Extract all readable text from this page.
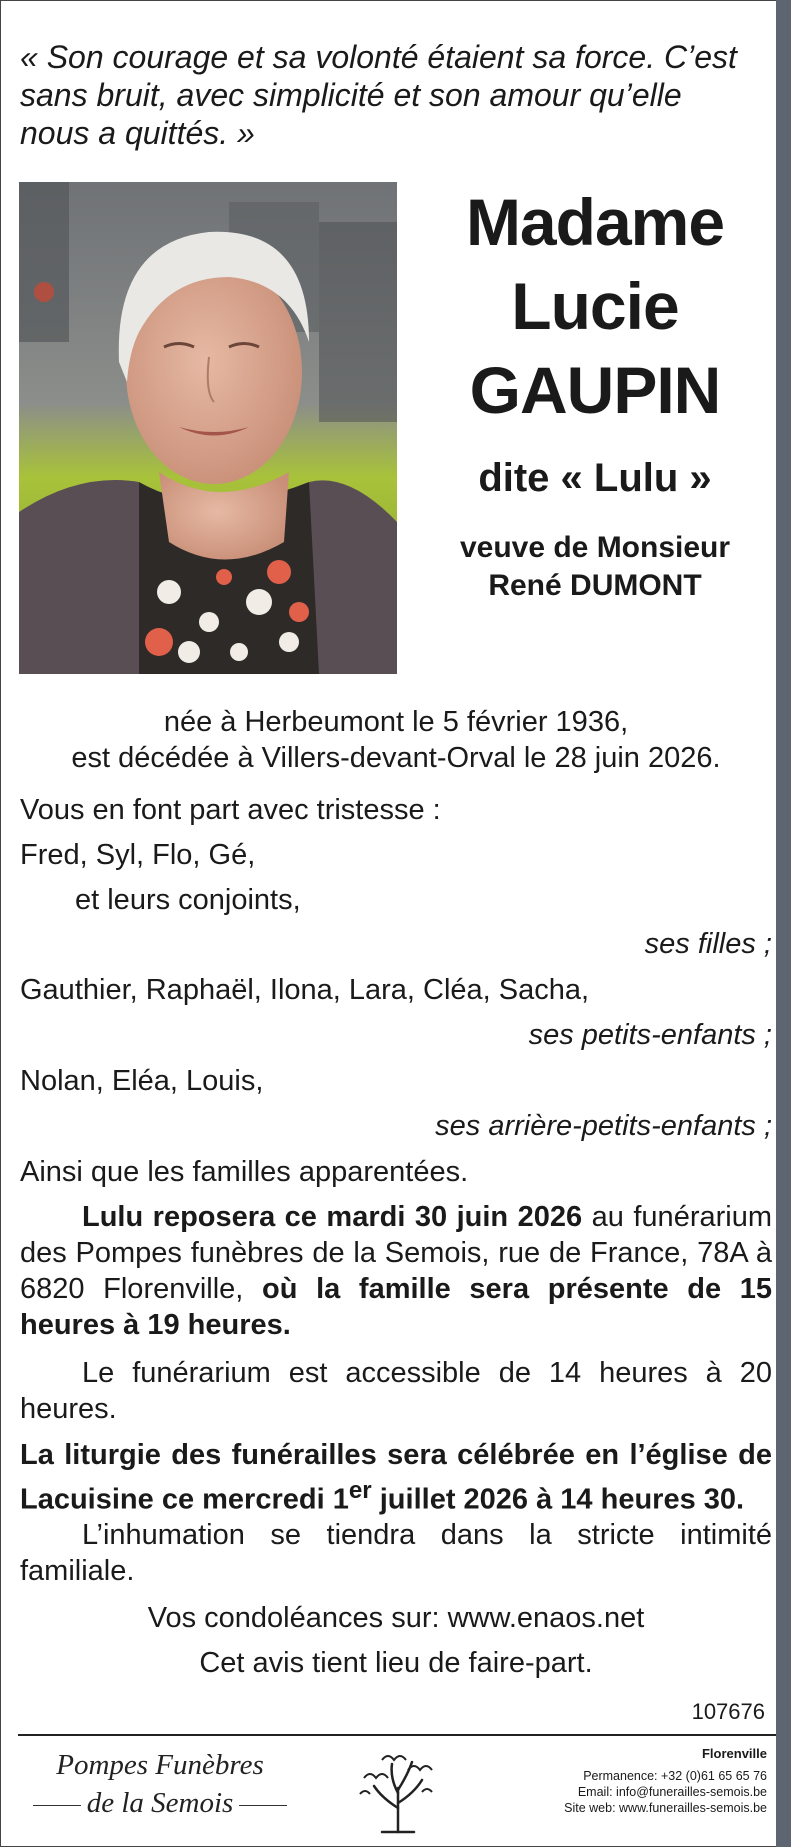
« Son courage et sa volonté étaient sa force. C’est sans bruit, avec simplicité et son amour qu’elle nous a quittés. »
Madame
Lucie
GAUPIN
dite « Lulu »
veuve de Monsieur
René DUMONT
née à Herbeumont le 5 février 1936,
est décédée à Villers-devant-Orval le 28 juin 2026.
Vous en font part avec tristesse :
Fred, Syl, Flo, Gé,
et leurs conjoints,
ses filles ;
Gauthier, Raphaël, Ilona, Lara, Cléa, Sacha,
ses petits-enfants ;
Nolan, Eléa, Louis,
ses arrière-petits-enfants ;
Ainsi que les familles apparentées.
Lulu reposera ce mardi 30 juin 2026 au funérarium des Pompes funèbres de la Semois, rue de France, 78A à 6820 Florenville, où la famille sera présente de 15 heures à 19 heures.
Le funérarium est accessible de 14 heures à 20 heures.
La liturgie des funérailles sera célébrée en l’église de Lacuisine ce mercredi 1er juillet 2026 à 14 heures 30.
L’inhumation se tiendra dans la stricte intimité familiale.
Vos condoléances sur: www.enaos.net
Cet avis tient lieu de faire-part.
107676
Pompes Funèbres
de la Semois
Florenville
Permanence: +32 (0)61 65 65 76
Email: info@funerailles-semois.be
Site web: www.funerailles-semois.be
